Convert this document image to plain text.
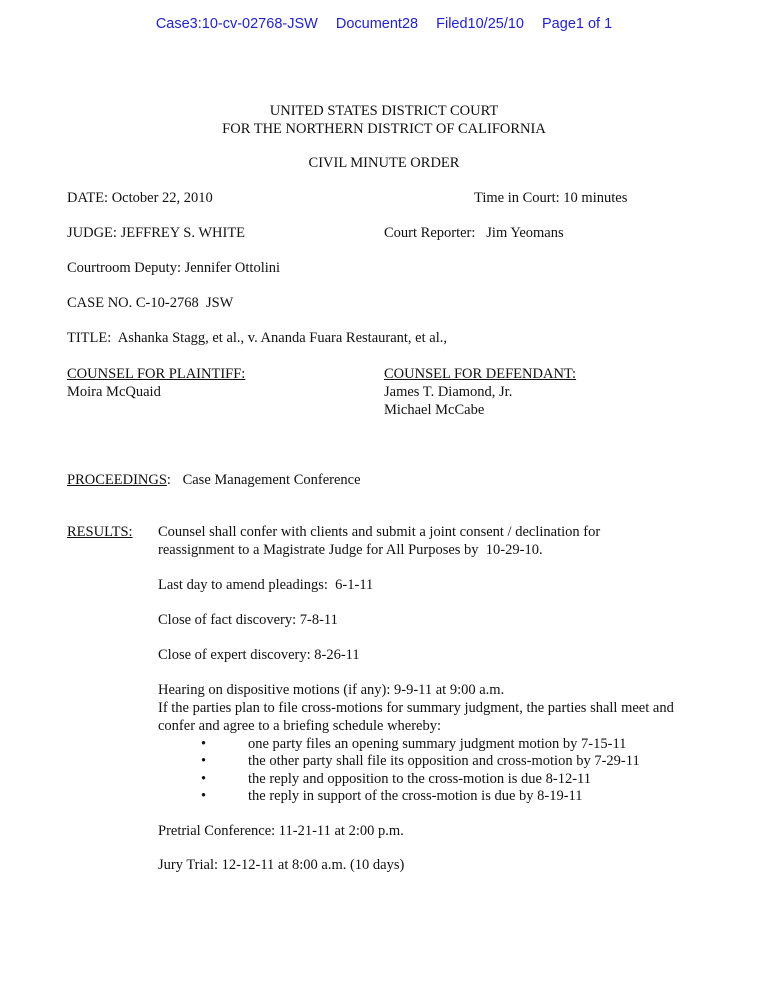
Case3:10-cv-02768-JSW Document28 Filed10/25/10 Page1 of 1
UNITED STATES DISTRICT COURT
FOR THE NORTHERN DISTRICT OF CALIFORNIA
CIVIL MINUTE ORDER
DATE: October 22, 2010	Time in Court: 10 minutes
JUDGE: JEFFREY S. WHITE	Court Reporter:   Jim Yeomans
Courtroom Deputy: Jennifer Ottolini
CASE NO. C-10-2768  JSW
TITLE:  Ashanka Stagg, et al., v. Ananda Fuara Restaurant, et al.,
COUNSEL FOR PLAINTIFF:
Moira McQuaid
COUNSEL FOR DEFENDANT:
James T. Diamond, Jr.
Michael McCabe
PROCEEDINGS: Case Management Conference
RESULTS: Counsel shall confer with clients and submit a joint consent / declination for
reassignment to a Magistrate Judge for All Purposes by  10-29-10.
Last day to amend pleadings:  6-1-11
Close of fact discovery: 7-8-11
Close of expert discovery: 8-26-11
Hearing on dispositive motions (if any): 9-9-11 at 9:00 a.m.
If the parties plan to file cross-motions for summary judgment, the parties shall meet and
confer and agree to a briefing schedule whereby:
•	one party files an opening summary judgment motion by 7-15-11
•	the other party shall file its opposition and cross-motion by 7-29-11
•	the reply and opposition to the cross-motion is due 8-12-11
•	the reply in support of the cross-motion is due by 8-19-11
Pretrial Conference: 11-21-11 at 2:00 p.m.
Jury Trial: 12-12-11 at 8:00 a.m. (10 days)
